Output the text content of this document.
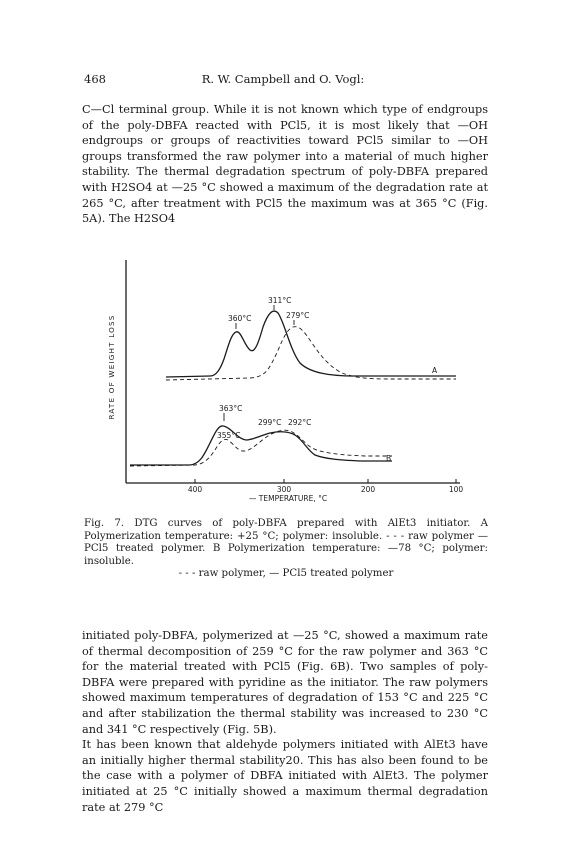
468	R. W. Campbell and O. Vogl:

C—Cl terminal group. While it is not known which type of endgroups of the poly-DBFA reacted with PCl5, it is most likely that —OH endgroups or groups of reactivities toward PCl5 similar to —OH groups transformed the raw polymer into a material of much higher stability. The thermal degradation spectrum of poly-DBFA prepared with H2SO4 at —25 °C showed a maximum of the degradation rate at 265 °C, after treatment with PCl5 the maximum was at 365 °C (Fig. 5A). The H2SO4

400	300	200	100
— TEMPERATURE, °C
RATE OF WEIGHT LOSS	360°C
311°C
279°C
A
363°C
355°C
299°C 292°C
B

Fig. 7. DTG curves of poly-DBFA prepared with AlEt3 initiator. A Polymerization temperature: +25 °C; polymer: insoluble. - - - raw polymer — PCl5 treated polymer. B Polymerization temperature: —78 °C; polymer: insoluble.
- - - raw polymer, — PCl5 treated polymer

initiated poly-DBFA, polymerized at —25 °C, showed a maximum rate of thermal decomposition of 259 °C for the raw polymer and 363 °C for the material treated with PCl5 (Fig. 6B). Two samples of poly-DBFA were prepared with pyridine as the initiator. The raw polymers showed maximum temperatures of degradation of 153 °C and 225 °C and after stabilization the thermal stability was increased to 230 °C and 341 °C respectively (Fig. 5B).

It has been known that aldehyde polymers initiated with AlEt3 have an initially higher thermal stability20. This has also been found to be the case with a polymer of DBFA initiated with AlEt3. The polymer initiated at 25 °C initially showed a maximum thermal degradation rate at 279 °C
